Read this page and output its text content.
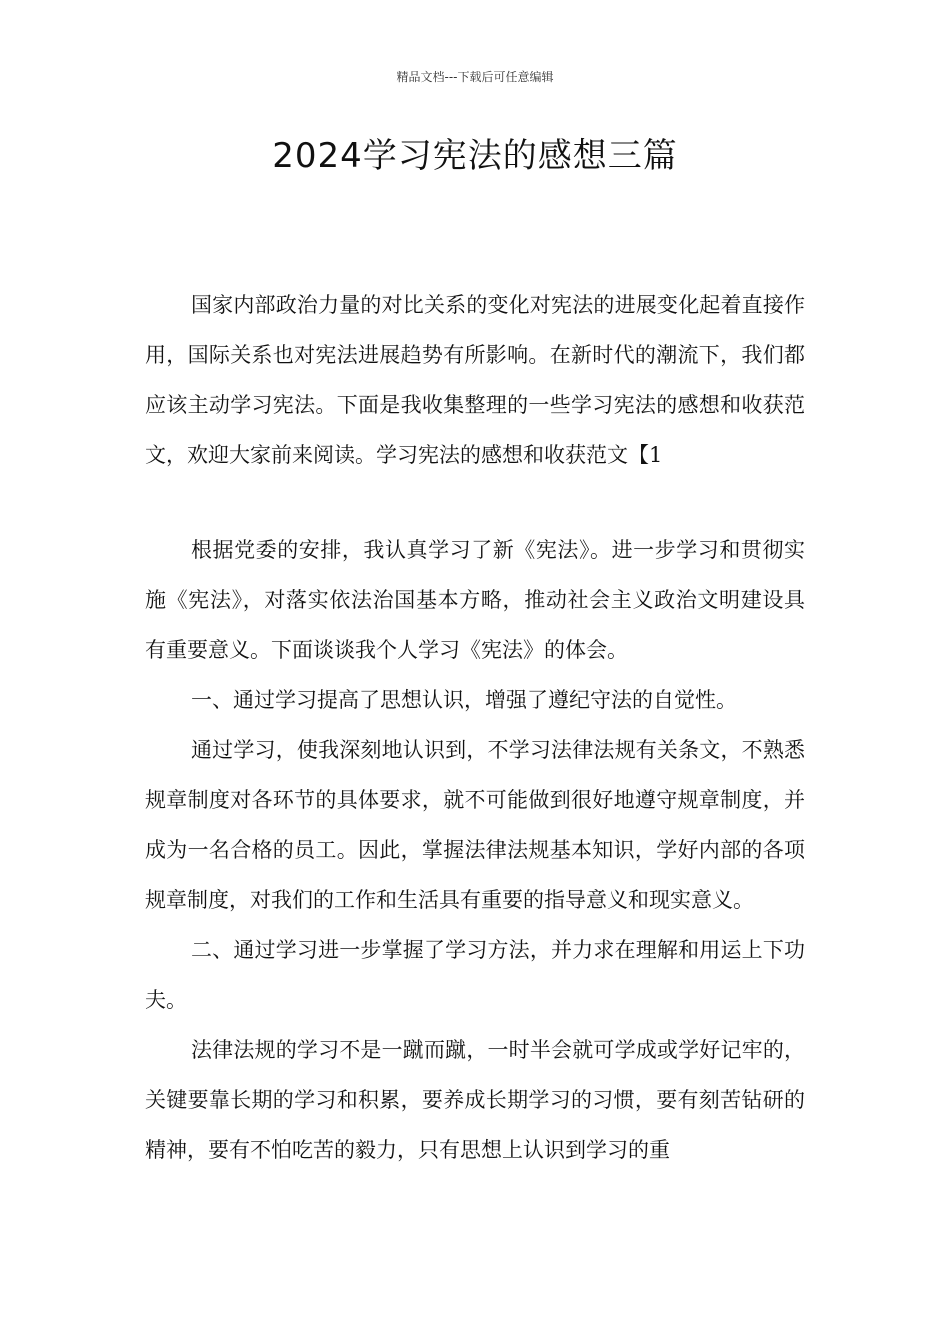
精品文档---下载后可任意编辑
2024学习宪法的感想三篇

国家内部政治力量的对比关系的变化对宪法的进展变化起着直接作用，国际关系也对宪法进展趋势有所影响。在新时代的潮流下，我们都应该主动学习宪法。下面是我收集整理的一些学习宪法的感想和收获范文，欢迎大家前来阅读。学习宪法的感想和收获范文【1

根据党委的安排，我认真学习了新《宪法》。进一步学习和贯彻实施《宪法》，对落实依法治国基本方略，推动社会主义政治文明建设具有重要意义。下面谈谈我个人学习《宪法》的体会。

一、通过学习提高了思想认识，增强了遵纪守法的自觉性。

通过学习，使我深刻地认识到，不学习法律法规有关条文，不熟悉规章制度对各环节的具体要求，就不可能做到很好地遵守规章制度，并成为一名合格的员工。因此，掌握法律法规基本知识，学好内部的各项规章制度，对我们的工作和生活具有重要的指导意义和现实意义。

二、通过学习进一步掌握了学习方法，并力求在理解和用运上下功夫。

法律法规的学习不是一蹴而蹴，一时半会就可学成或学好记牢的，关键要靠长期的学习和积累，要养成长期学习的习惯，要有刻苦钻研的精神，要有不怕吃苦的毅力，只有思想上认识到学习的重
